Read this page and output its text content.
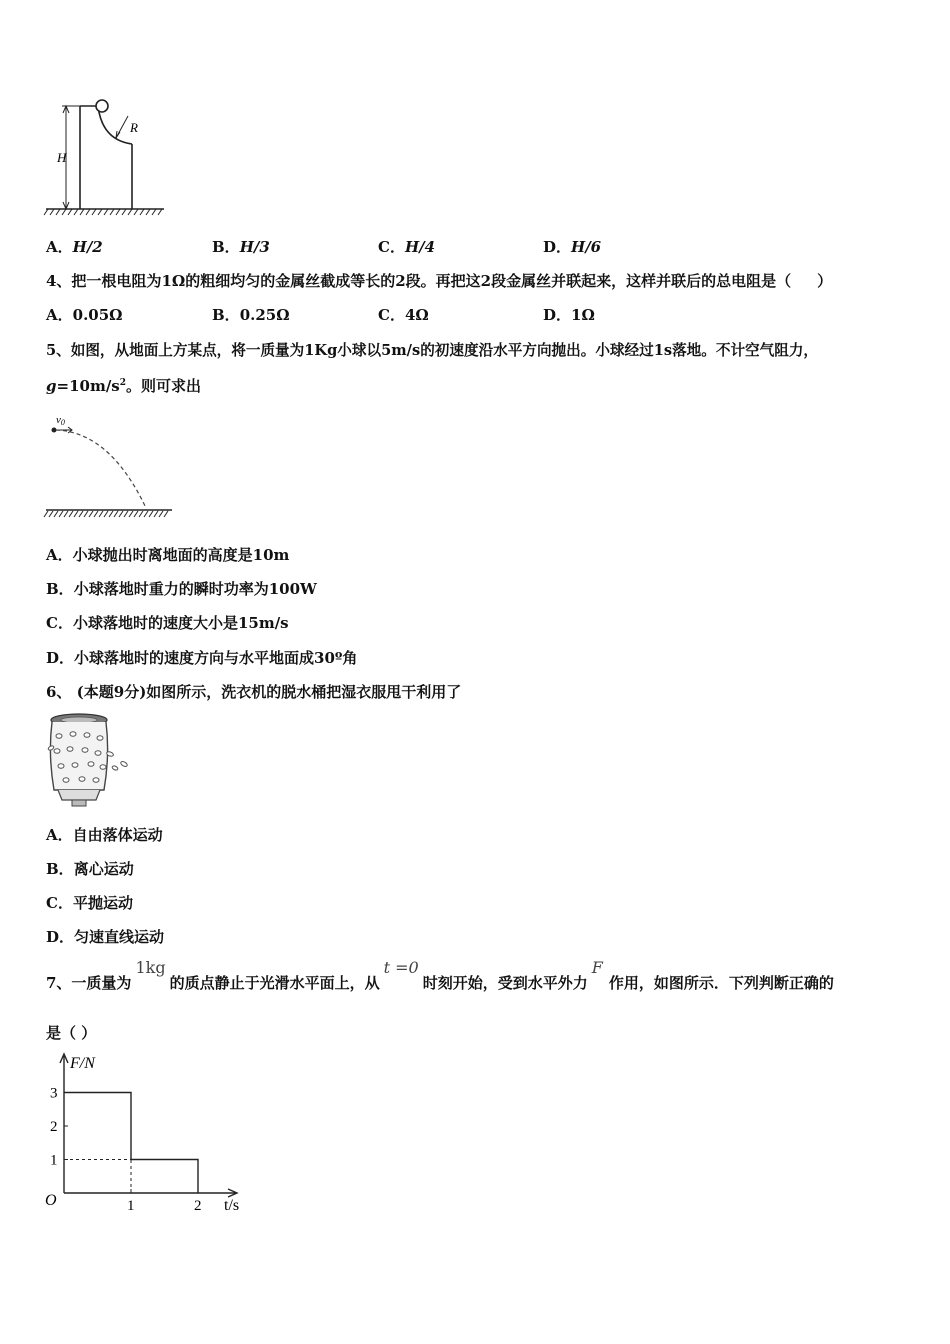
H
R
A．H/2	B．H/3	C．H/4	D．H/6
4、把一根电阻为1Ω的粗细均匀的金属丝截成等长的2段。再把这2段金属丝并联起来，这样并联后的总电阻是（ ）
A．0.05Ω	B．0.25Ω	C．4Ω	D．1Ω
5、如图，从地面上方某点，将一质量为1Kg小球以5m/s的初速度沿水平方向抛出。小球经过1s落地。不计空气阻力，
$g=10m/s^2$。则可求出
v0
A．小球抛出时离地面的高度是10m
B．小球落地时重力的瞬时功率为100W
C．小球落地时的速度大小是15m/s
D．小球落地时的速度方向与水平地面成30º角
6、 (本题9分)如图所示，洗衣机的脱水桶把湿衣服甩干利用了
A．自由落体运动
B．离心运动
C．平抛运动
D．匀速直线运动
7、一质量为1kg的质点静止于光滑水平面上，从t =0时刻开始，受到水平外力F作用，如图所示．下列判断正确的
是（ ）
1
2
3
1	2
F/N
t/s
O
